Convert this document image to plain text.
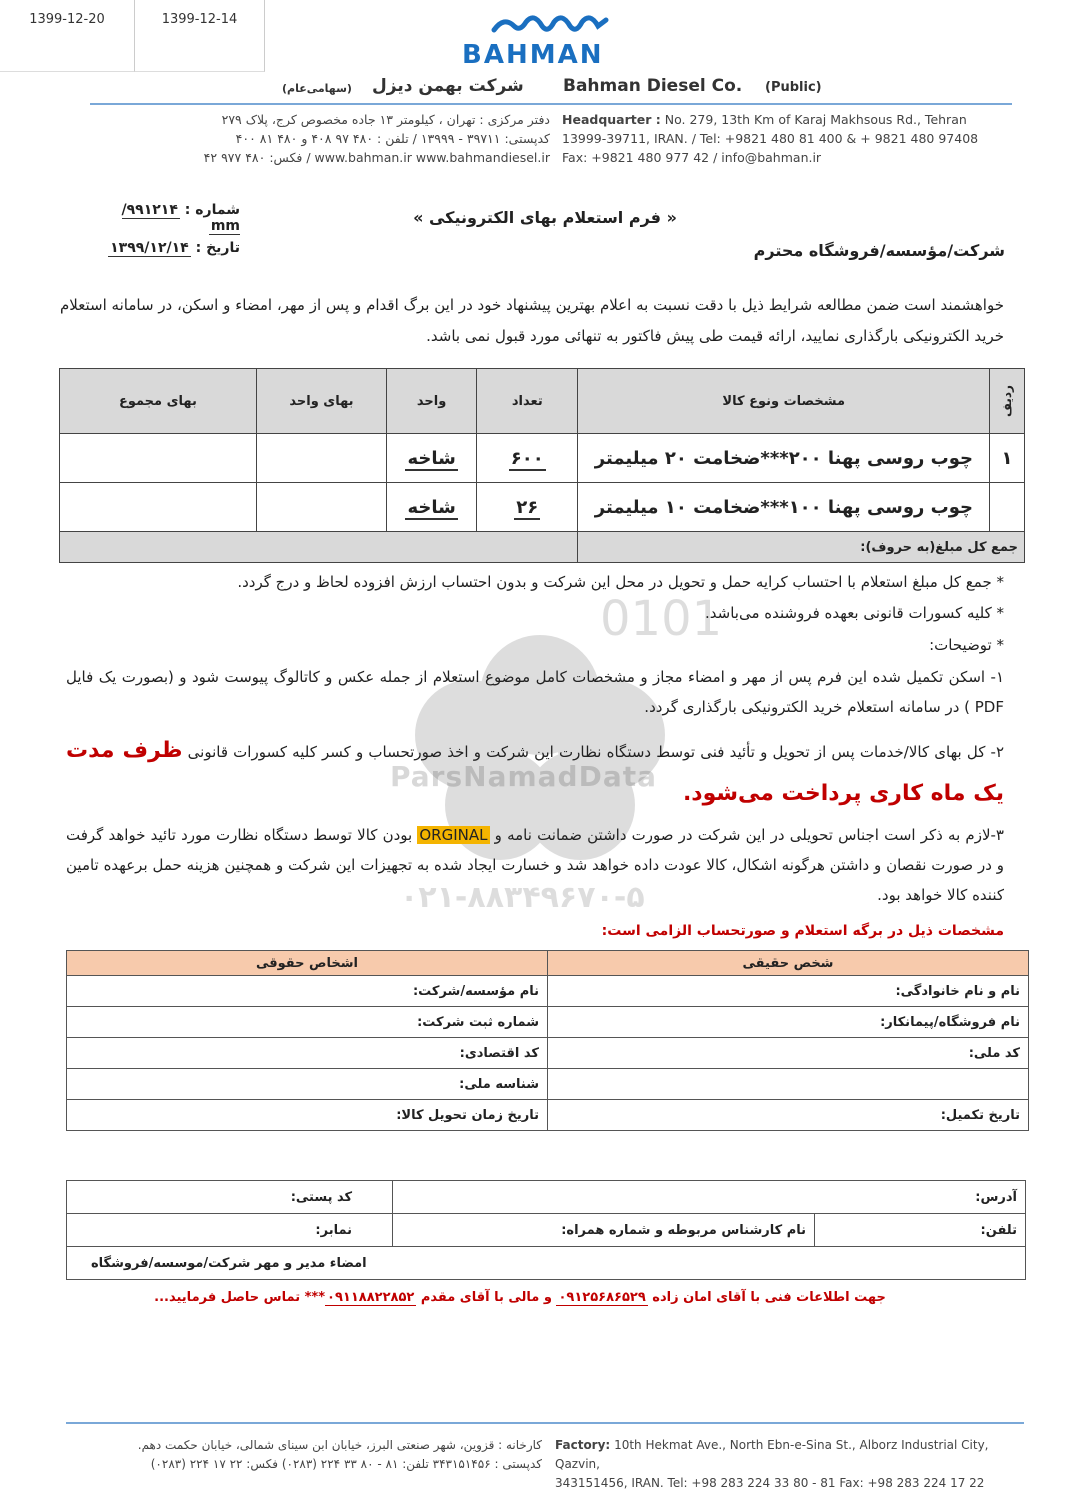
1399-12-20	1399-12-14
BAHMAN
(سهامی‌عام) شرکت بهمن دیزل Bahman Diesel Co. (Public)
Headquarter : No. 279, 13th Km of Karaj Makhsous Rd., Tehran
13999-39711, IRAN. / Tel: +9821 480 81 400 & + 9821 480 97408
Fax: +9821 480 977 42 / info@bahman.ir
دفتر مرکزی : تهران ، کیلومتر ۱۳ جاده مخصوص کرج، پلاک ۲۷۹
کدپستی: ۳۹۷۱۱ - ۱۳۹۹۹ / تلفن : ۴۸۰ ۹۷ ۴۰۸ و ۴۸۰ ۸۱ ۴۰۰
www.bahman.ir www.bahmandiesel.ir / فکس: ۴۸۰ ۹۷۷ ۴۲
« فرم استعلام بهای الکترونیکی »
شماره : ۹۹۱۲۱۴/ mm
تاریخ : ۱۳۹۹/۱۲/۱۴	شرکت/مؤسسه/فروشگاه محترم
خواهشمند است ضمن مطالعه شرایط ذیل با دقت نسبت به اعلام بهترین پیشنهاد خود در این برگ اقدام و پس از مهر، امضاء و اسکن، در سامانه استعلام خرید الکترونیکی بارگذاری نمایید، ارائه قیمت طی پیش فاکتور به تنهائی مورد قبول نمی باشد.
ردیف	مشخصات ونوع کالا	تعداد	واحد	بهای واحد	بهای مجموع
۱	چوب روسی پهنا ۲۰۰***ضخامت ۲۰ میلیمتر	۶۰۰	شاخه		
	چوب روسی پهنا ۱۰۰***ضخامت ۱۰ میلیمتر	۲۶	شاخه		
جمع کل مبلغ(به حروف):					
0101
* جمع کل مبلغ استعلام با احتساب کرایه حمل و تحویل در محل این شرکت و بدون احتساب ارزش افزوده لحاظ و درج گردد.
* کلیه کسورات قانونی بعهده فروشنده می‌باشد.
* توضیحات:
۱- اسکن تکمیل شده این فرم پس از مهر و امضاء مجاز و مشخصات کامل موضوع استعلام از جمله عکس و کاتالوگ پیوست شود و (بصورت یک فایل PDF ) در سامانه استعلام خرید الکترونیکی بارگذاری گردد.
۲- کل بهای کالا/خدمات پس از تحویل و تأئید فنی توسط دستگاه نظارت این شرکت و اخذ صورتحساب و کسر کلیه کسورات قانونی ظرف مدت یک ماه کاری پرداخت می‌شود.
۳-لازم به ذکر است اجناس تحویلی در این شرکت در صورت داشتن ضمانت نامه و ORGINAL بودن کالا توسط دستگاه نظارت مورد تائید خواهد گرفت و در صورت نقصان و داشتن هرگونه اشکال، کالا عودت داده خواهد شد و خسارت ایجاد شده به تجهیزات این شرکت و همچنین هزینه حمل برعهده تامین کننده کالا خواهد بود.
ParsNamadData
۰۲۱-۸۸۳۴۹۶۷۰-۵
مشخصات ذیل در برگه استعلام و صورتحساب الزامی است:
شخص حقیقی	اشخاص حقوقی
نام و نام خانوادگی:	نام مؤسسه/شرکت:
نام فروشگاه/پیمانکار:	شماره ثبت شرکت:
کد ملی:	کد اقتصادی:
	شناسه ملی:
تاریخ تکمیل:	تاریخ زمان تحویل کالا:
آدرس:		کد پستی:
تلفن:	نام کارشناس مربوطه و شماره همراه:	نمابر:
امضاء مدیر و مهر شرکت/موسسه/فروشگاه		
جهت اطلاعات فنی با آقای امان زاده ۰۹۱۲۵۶۸۶۵۲۹ و مالی با آقای مقدم ۰۹۱۱۸۸۲۲۸۵۲*** تماس حاصل فرمایید...
Factory: 10th Hekmat Ave., North Ebn-e-Sina St., Alborz Industrial City, Qazvin,
343151456, IRAN. Tel: +98 283 224 33 80 - 81 Fax: +98 283 224 17 22
کارخانه : قزوین، شهر صنعتی البرز، خیابان ابن سینای شمالی، خیابان حکمت دهم.
کدپستی : ۳۴۳۱۵۱۴۵۶ تلفن: ۸۱ - ۸۰ ۳۳ ۲۲۴ (۰۲۸۳) فکس: ۲۲ ۱۷ ۲۲۴ (۰۲۸۳)
